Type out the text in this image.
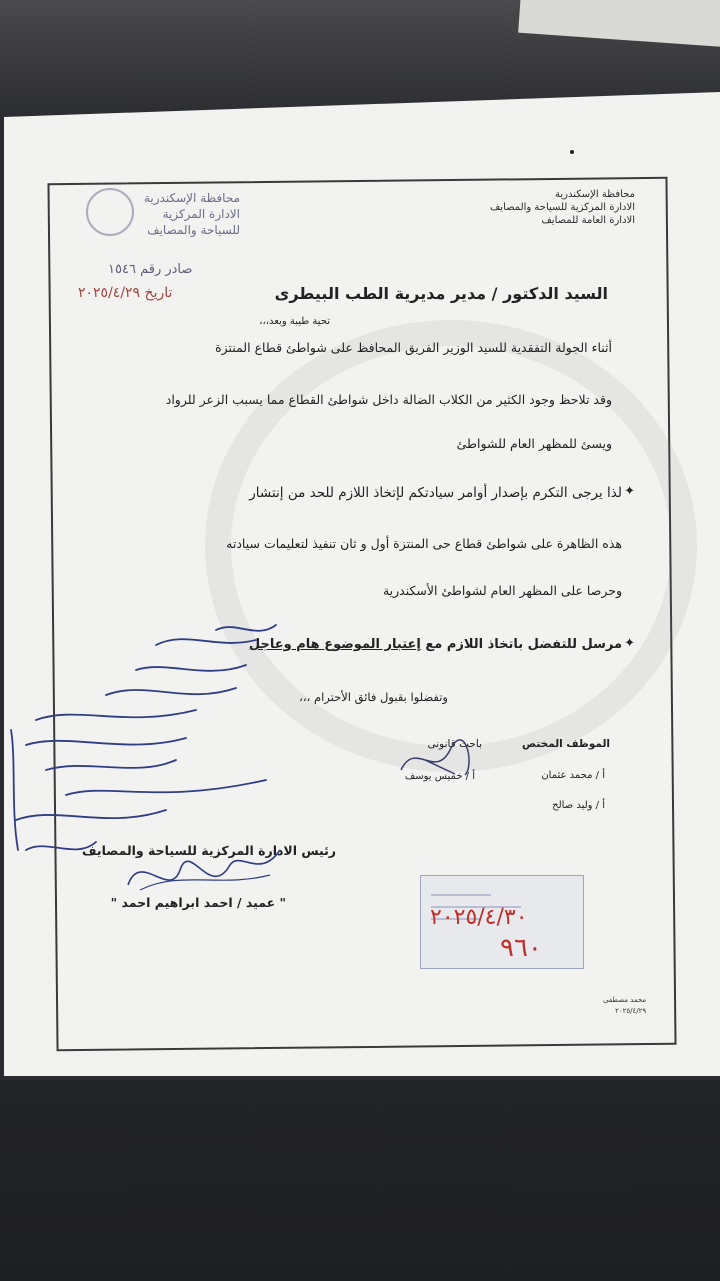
محافظة الإسكندرية
الادارة المركزية للسياحة والمصايف
الادارة العامة للمصايف
محافظة الإسكندرية
الادارة المركزية
للسياحة والمصايف
صادر رقم ١٥٤٦
تاريخ ٢٠٢٥/٤/٢٩	السيد الدكتور / مدير مديرية الطب البيطرى
تحية طيبة وبعد،،،
أثناء الجولة التفقدية للسيد الوزير الفريق المحافظ على شواطئ قطاع المنتزة
وقد تلاحظ وجود الكثير من الكلاب الضالة داخل شواطئ القطاع مما يسبب الزعر للرواد
ويسئ للمظهر العام للشواطئ
✦
لذا يرجى التكرم بإصدار أوامر سيادتكم لإتخاذ اللازم للحد من إنتشار
هذه الظاهرة على شواطئ قطاع حى المنتزة أول و ثان تنفيذ لتعليمات سيادته
وحرصا على المظهر العام لشواطئ الأسكندرية
✦
مرسل للتفضل باتخاذ اللازم مع إعتبار الموضوع هام وعاجل
وتفضلوا بقبول فائق الأحترام ،،،
الموظف المختص
أ / محمد عثمان
أ / وليد صالح
باحث قانونى
أ / خميس يوسف
رئيس الادارة المركزية للسياحة والمصايف
" عميد / احمد ابراهيم احمد "
٢٠٢٥/٤/٣٠
٩٦٠
محمد مصطفى
٢٠٢٥/٤/٢٩
